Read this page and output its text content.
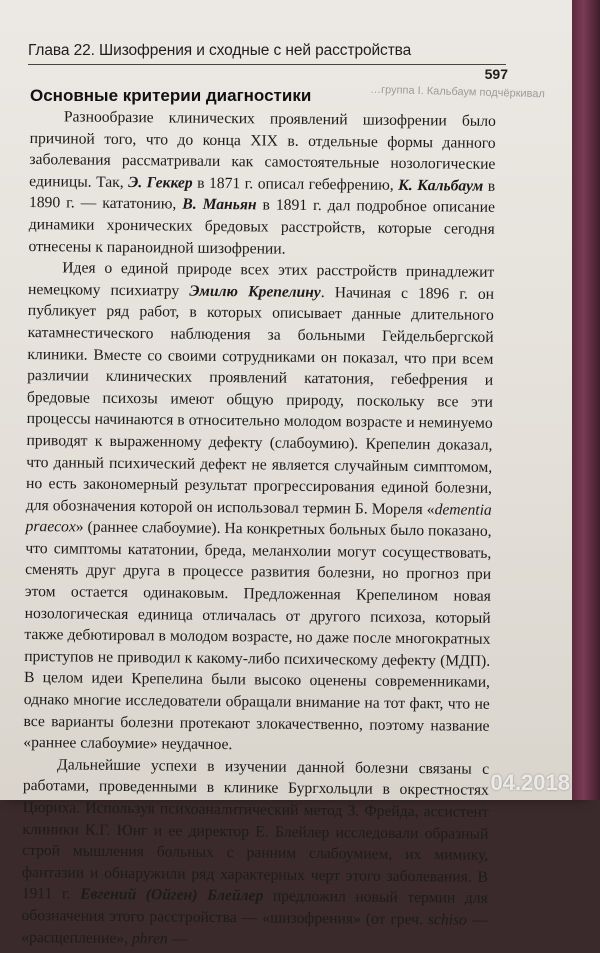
Глава 22. Шизофрения и сходные с ней расстройства
597
…группа I. Кальбаум подчёркивал
Основные критерии диагностики

Разнообразие клинических проявлений шизофрении было причиной того, что до конца XIX в. отдельные формы данного заболевания рассматривали как самостоятельные нозологические единицы. Так, Э. Геккер в 1871 г. описал гебефрению, К. Кальбаум в 1890 г. — кататонию, В. Маньян в 1891 г. дал подробное описание динамики хронических бредовых расстройств, которые сегодня отнесены к параноидной шизофрении.

Идея о единой природе всех этих расстройств принадлежит немецкому психиатру Эмилю Крепелину. Начиная с 1896 г. он публикует ряд работ, в которых описывает данные длительного катамнестического наблюдения за больными Гейдельбергской клиники. Вместе со своими сотрудниками он показал, что при всем различии клинических проявлений кататония, гебефрения и бредовые психозы имеют общую природу, поскольку все эти процессы начинаются в относительно молодом возрасте и неминуемо приводят к выраженному дефекту (слабоумию). Крепелин доказал, что данный психический дефект не является случайным симптомом, но есть закономерный результат прогрессирования единой болезни, для обозначения которой он использовал термин Б. Мореля «dementia praecox» (раннее слабоумие). На конкретных больных было показано, что симптомы кататонии, бреда, меланхолии могут сосуществовать, сменять друг друга в процессе развития болезни, но прогноз при этом остается одинаковым. Предложенная Крепелином новая нозологическая единица отличалась от другого психоза, который также дебютировал в молодом возрасте, но даже после многократных приступов не приводил к какому-либо психическому дефекту (МДП). В целом идеи Крепелина были высоко оценены современниками, однако многие исследователи обращали внимание на тот факт, что не все варианты болезни протекают злокачественно, поэтому название «раннее слабоумие» неудачное.

Дальнейшие успехи в изучении данной болезни связаны с работами, проведенными в клинике Бургхольцли в окрестностях Цюриха. Используя психоаналитический метод З. Фрейда, ассистент клиники К.Г. Юнг и ее директор Е. Блейлер исследовали образный строй мышления больных с ранним слабоумием, их мимику, фантазии и обнаружили ряд характерных черт этого заболевания. В 1911 г. Евгений (Ойген) Блейлер предложил новый термин для обозначения этого расстройства — «шизофрения» (от греч. schiso — «расщепление», phren —

04.2018
